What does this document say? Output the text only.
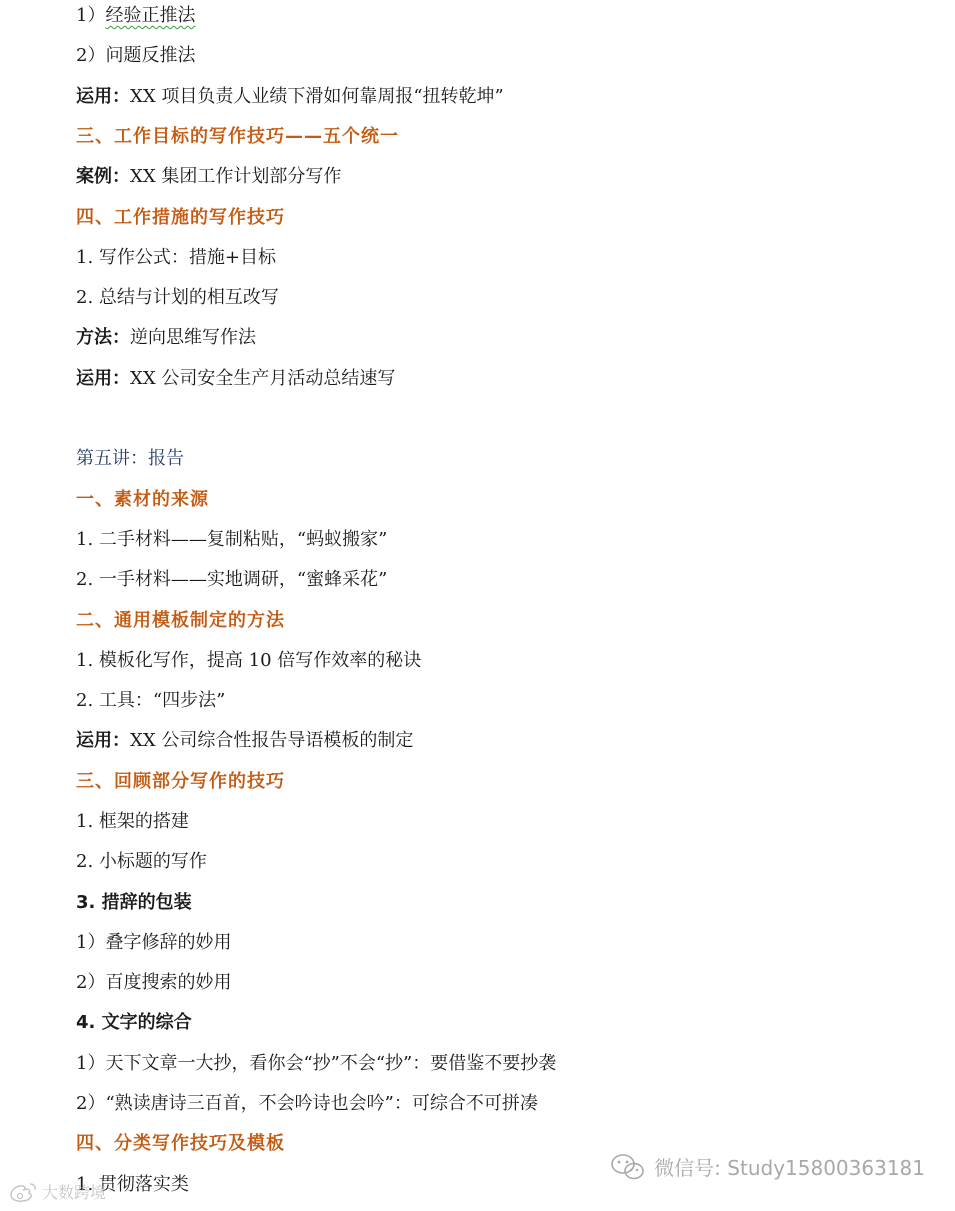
1）经验正推法
2）问题反推法
运用：XX 项目负责人业绩下滑如何靠周报“扭转乾坤”
三、工作目标的写作技巧——五个统一
案例：XX 集团工作计划部分写作
四、工作措施的写作技巧
1. 写作公式：措施+目标
2. 总结与计划的相互改写
方法：逆向思维写作法
运用：XX 公司安全生产月活动总结速写
第五讲：报告
一、素材的来源
1. 二手材料——复制粘贴，“蚂蚁搬家”
2. 一手材料——实地调研，“蜜蜂采花”
二、通用模板制定的方法
1. 模板化写作，提高 10 倍写作效率的秘诀
2. 工具：“四步法”
运用：XX 公司综合性报告导语模板的制定
三、回顾部分写作的技巧
1. 框架的搭建
2. 小标题的写作
3. 措辞的包装
1）叠字修辞的妙用
2）百度搜索的妙用
4. 文字的综合
1）天下文章一大抄，看你会“抄”不会“抄”：要借鉴不要抄袭
2）“熟读唐诗三百首，不会吟诗也会吟”：可综合不可拼凑
四、分类写作技巧及模板
1. 贯彻落实类
微信号: Study15800363181
大数跨境
